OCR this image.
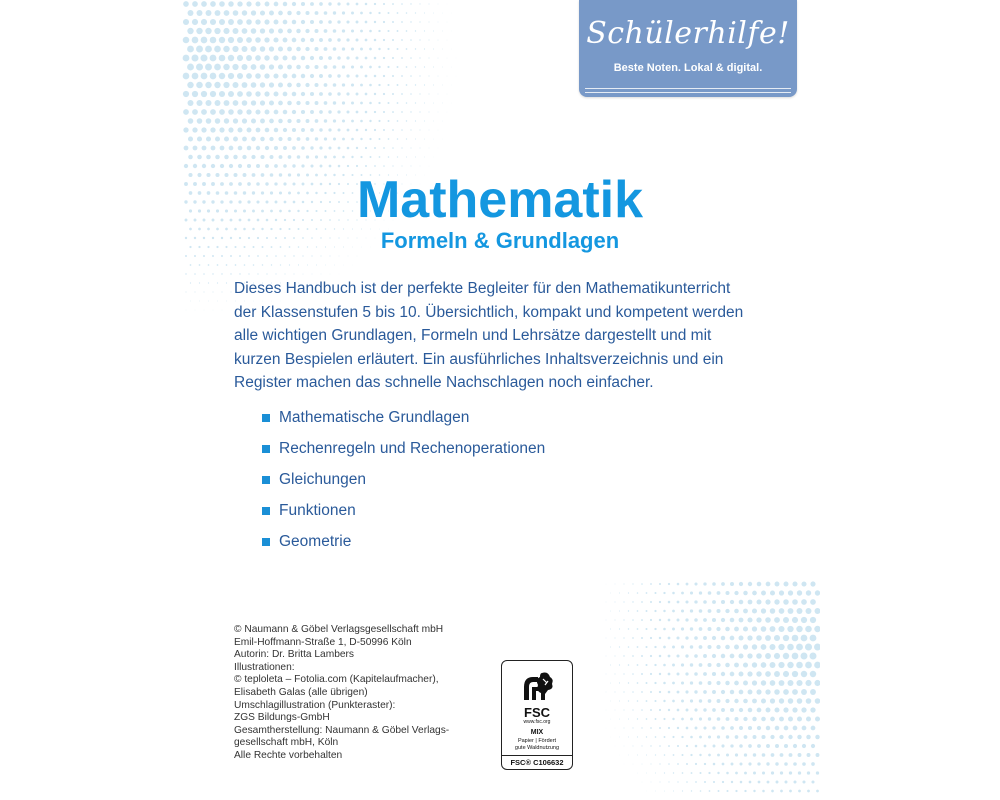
Schülerhilfe!
Beste Noten. Lokal & digital.
Mathematik
Formeln & Grundlagen
Dieses Handbuch ist der perfekte Begleiter für den Mathematikunterricht
der Klassenstufen 5 bis 10. Übersichtlich, kompakt und kompetent werden
alle wichtigen Grundlagen, Formeln und Lehrsätze dargestellt und mit
kurzen Bespielen erläutert. Ein ausführliches Inhaltsverzeichnis und ein
Register machen das schnelle Nachschlagen noch einfacher.
Mathematische Grundlagen
Rechenregeln und Rechenoperationen
Gleichungen
Funktionen
Geometrie
© Naumann & Göbel Verlagsgesellschaft mbH
Emil-Hoffmann-Straße 1, D-50996 Köln
Autorin: Dr. Britta Lambers
Illustrationen:
© teploleta – Fotolia.com (Kapitelaufmacher),
Elisabeth Galas (alle übrigen)
Umschlagillustration (Punkteraster):
ZGS Bildungs-GmbH
Gesamtherstellung: Naumann & Göbel Verlags-
gesellschaft mbH, Köln
Alle Rechte vorbehalten
FSC
www.fsc.org
MIX
Papier | Fördert
gute Waldnutzung
FSC® C106632
